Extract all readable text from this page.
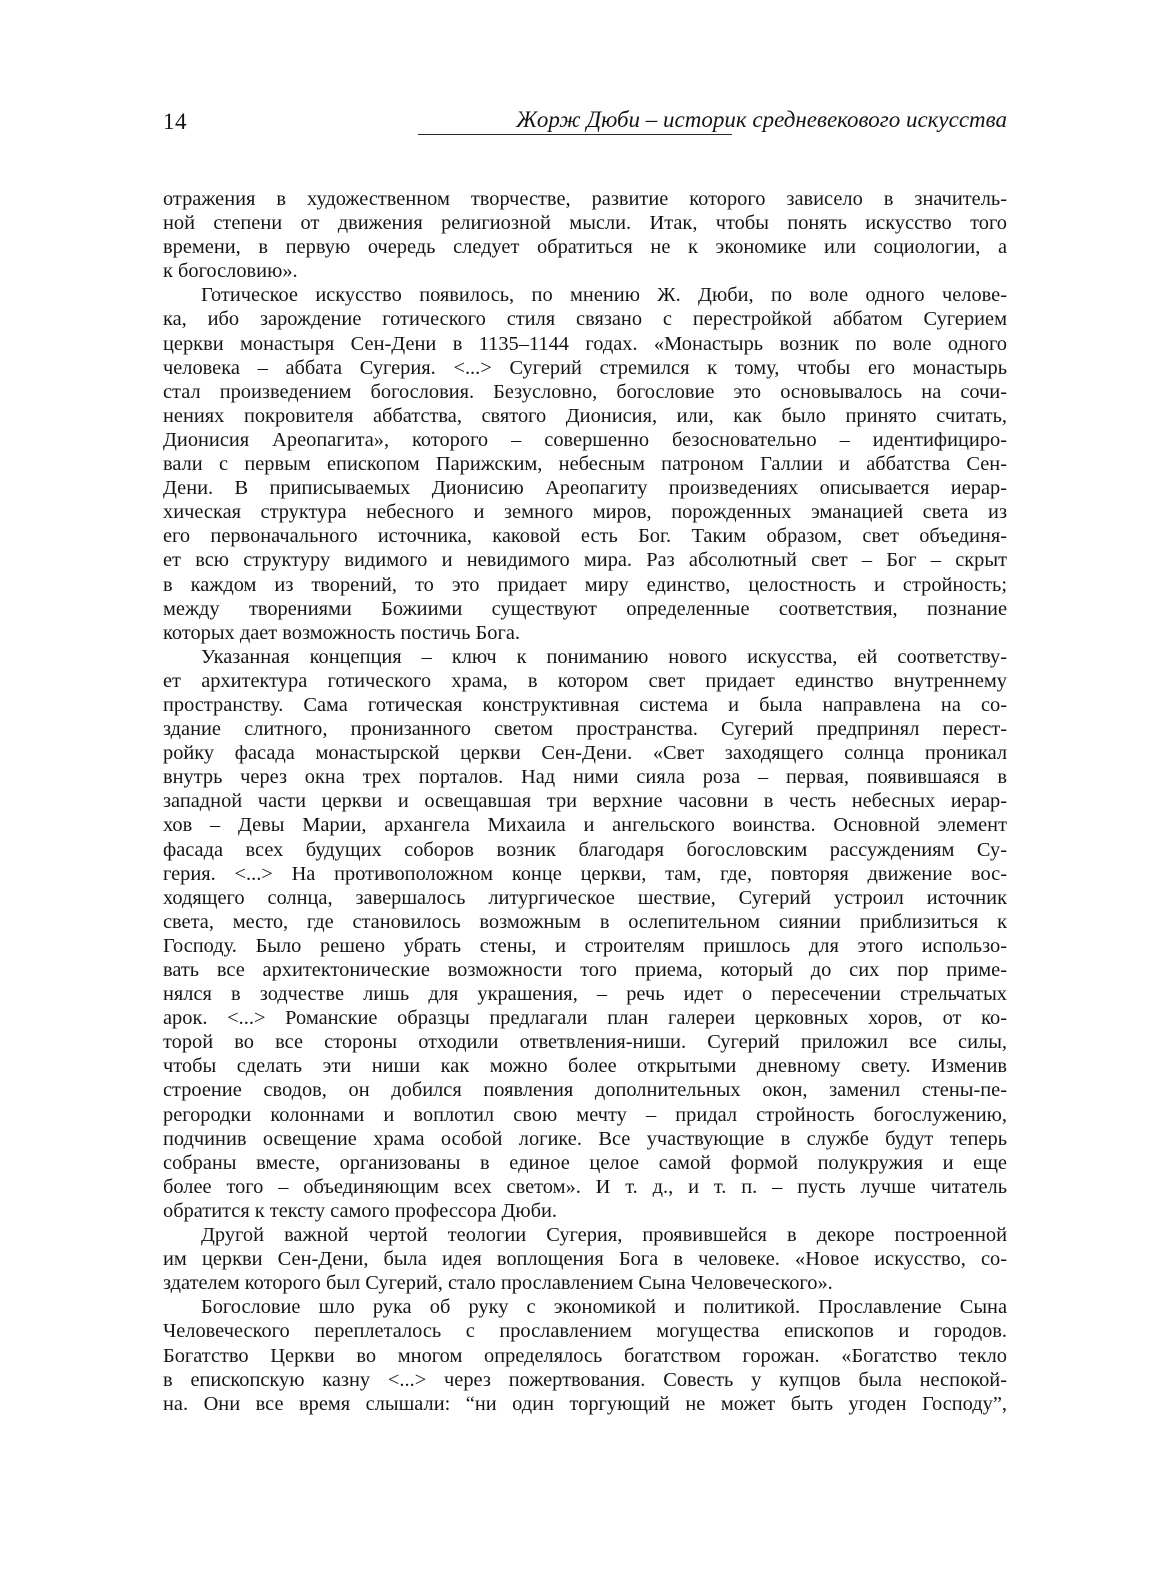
14	Жорж Дюби – историк средневекового искусства
отражения в художественном творчестве, развитие которого зависело в значитель-
ной степени от движения религиозной мысли. Итак, чтобы понять искусство того
времени, в первую очередь следует обратиться не к экономике или социологии, а
к богословию».
Готическое искусство появилось, по мнению Ж. Дюби, по воле одного челове-
ка, ибо зарождение готического стиля связано с перестройкой аббатом Сугерием
церкви монастыря Сен-Дени в 1135–1144 годах. «Монастырь возник по воле одного
человека – аббата Сугерия. <...> Сугерий стремился к тому, чтобы его монастырь
стал произведением богословия. Безусловно, богословие это основывалось на сочи-
нениях покровителя аббатства, святого Дионисия, или, как было принято считать,
Дионисия Ареопагита», которого – совершенно безосновательно – идентифициро-
вали с первым епископом Парижским, небесным патроном Галлии и аббатства Сен-
Дени. В приписываемых Дионисию Ареопагиту произведениях описывается иерар-
хическая структура небесного и земного миров, порожденных эманацией света из
его первоначального источника, каковой есть Бог. Таким образом, свет объединя-
ет всю структуру видимого и невидимого мира. Раз абсолютный свет – Бог – скрыт
в каждом из творений, то это придает миру единство, целостность и стройность;
между творениями Божиими существуют определенные соответствия, познание
которых дает возможность постичь Бога.
Указанная концепция – ключ к пониманию нового искусства, ей соответству-
ет архитектура готического храма, в котором свет придает единство внутреннему
пространству. Сама готическая конструктивная система и была направлена на со-
здание слитного, пронизанного светом пространства. Сугерий предпринял перест-
ройку фасада монастырской церкви Сен-Дени. «Свет заходящего солнца проникал
внутрь через окна трех порталов. Над ними сияла роза – первая, появившаяся в
западной части церкви и освещавшая три верхние часовни в честь небесных иерар-
хов – Девы Марии, архангела Михаила и ангельского воинства. Основной элемент
фасада всех будущих соборов возник благодаря богословским рассуждениям Су-
герия. <...> На противоположном конце церкви, там, где, повторяя движение вос-
ходящего солнца, завершалось литургическое шествие, Сугерий устроил источник
света, место, где становилось возможным в ослепительном сиянии приблизиться к
Господу. Было решено убрать стены, и строителям пришлось для этого использо-
вать все архитектонические возможности того приема, который до сих пор приме-
нялся в зодчестве лишь для украшения, – речь идет о пересечении стрельчатых
арок. <...> Романские образцы предлагали план галереи церковных хоров, от ко-
торой во все стороны отходили ответвления-ниши. Сугерий приложил все силы,
чтобы сделать эти ниши как можно более открытыми дневному свету. Изменив
строение сводов, он добился появления дополнительных окон, заменил стены-пе-
регородки колоннами и воплотил свою мечту – придал стройность богослужению,
подчинив освещение храма особой логике. Все участвующие в службе будут теперь
собраны вместе, организованы в единое целое самой формой полукружия и еще
более того – объединяющим всех светом». И т. д., и т. п. – пусть лучше читатель
обратится к тексту самого профессора Дюби.
Другой важной чертой теологии Сугерия, проявившейся в декоре построенной
им церкви Сен-Дени, была идея воплощения Бога в человеке. «Новое искусство, со-
здателем которого был Сугерий, стало прославлением Сына Человеческого».
Богословие шло рука об руку с экономикой и политикой. Прославление Сына
Человеческого переплеталось с прославлением могущества епископов и городов.
Богатство Церкви во многом определялось богатством горожан. «Богатство текло
в епископскую казну <...> через пожертвования. Совесть у купцов была неспокой-
на. Они все время слышали: “ни один торгующий не может быть угоден Господу”,
